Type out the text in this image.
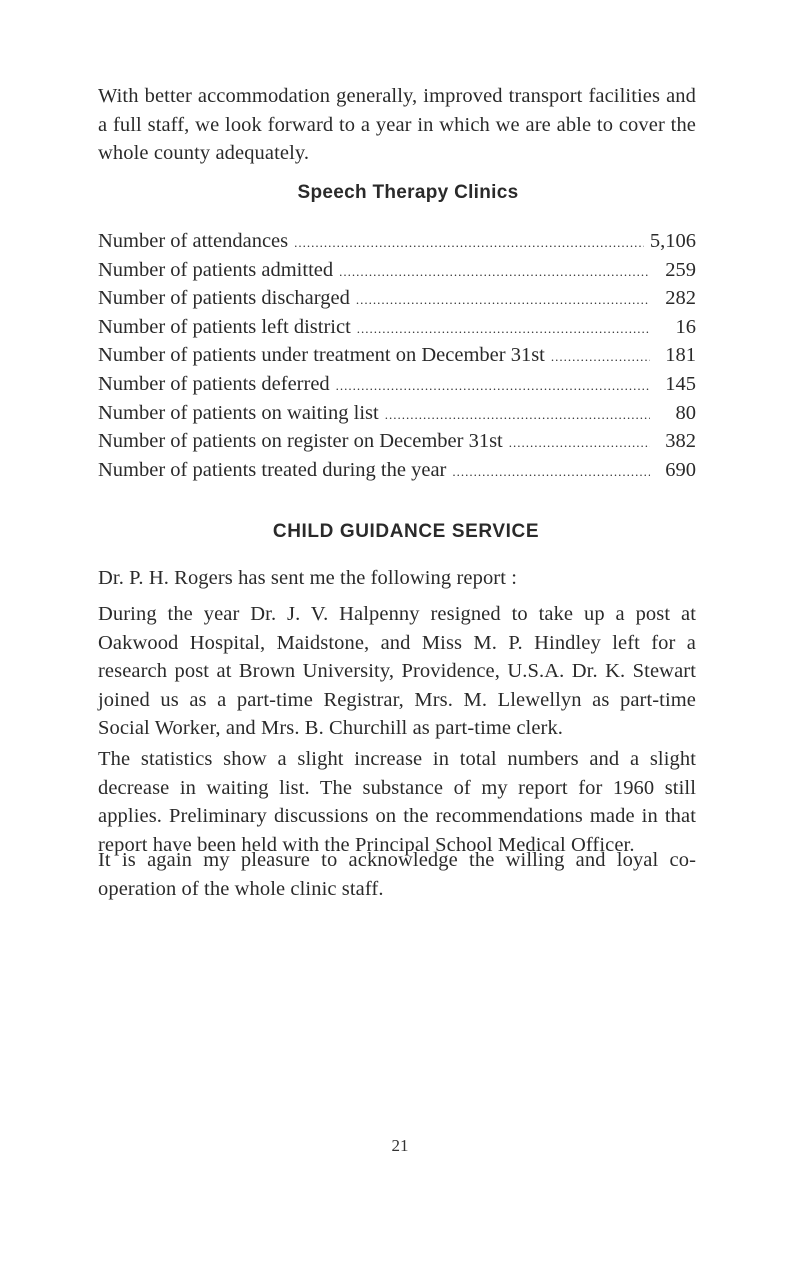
With better accommodation generally, improved transport facilities and a full staff, we look forward to a year in which we are able to cover the whole county adequately.

Speech Therapy Clinics
Number of attendances .....	5,106
Number of patients admitted .....	259
Number of patients discharged .....	282
Number of patients left district .....	16
Number of patients under treatment on December 31st .....	181
Number of patients deferred .....	145
Number of patients on waiting list .....	80
Number of patients on register on December 31st .....	382
Number of patients treated during the year .....	690
CHILD GUIDANCE SERVICE

Dr. P. H. Rogers has sent me the following report :

During the year Dr. J. V. Halpenny resigned to take up a post at Oakwood Hospital, Maidstone, and Miss M. P. Hindley left for a research post at Brown University, Providence, U.S.A. Dr. K. Stewart joined us as a part-time Registrar, Mrs. M. Llewellyn as part-time Social Worker, and Mrs. B. Churchill as part-time clerk.

The statistics show a slight increase in total numbers and a slight decrease in waiting list. The substance of my report for 1960 still applies. Preliminary discussions on the recommendations made in that report have been held with the Principal School Medical Officer.

It is again my pleasure to acknowledge the willing and loyal co-operation of the whole clinic staff.

21
